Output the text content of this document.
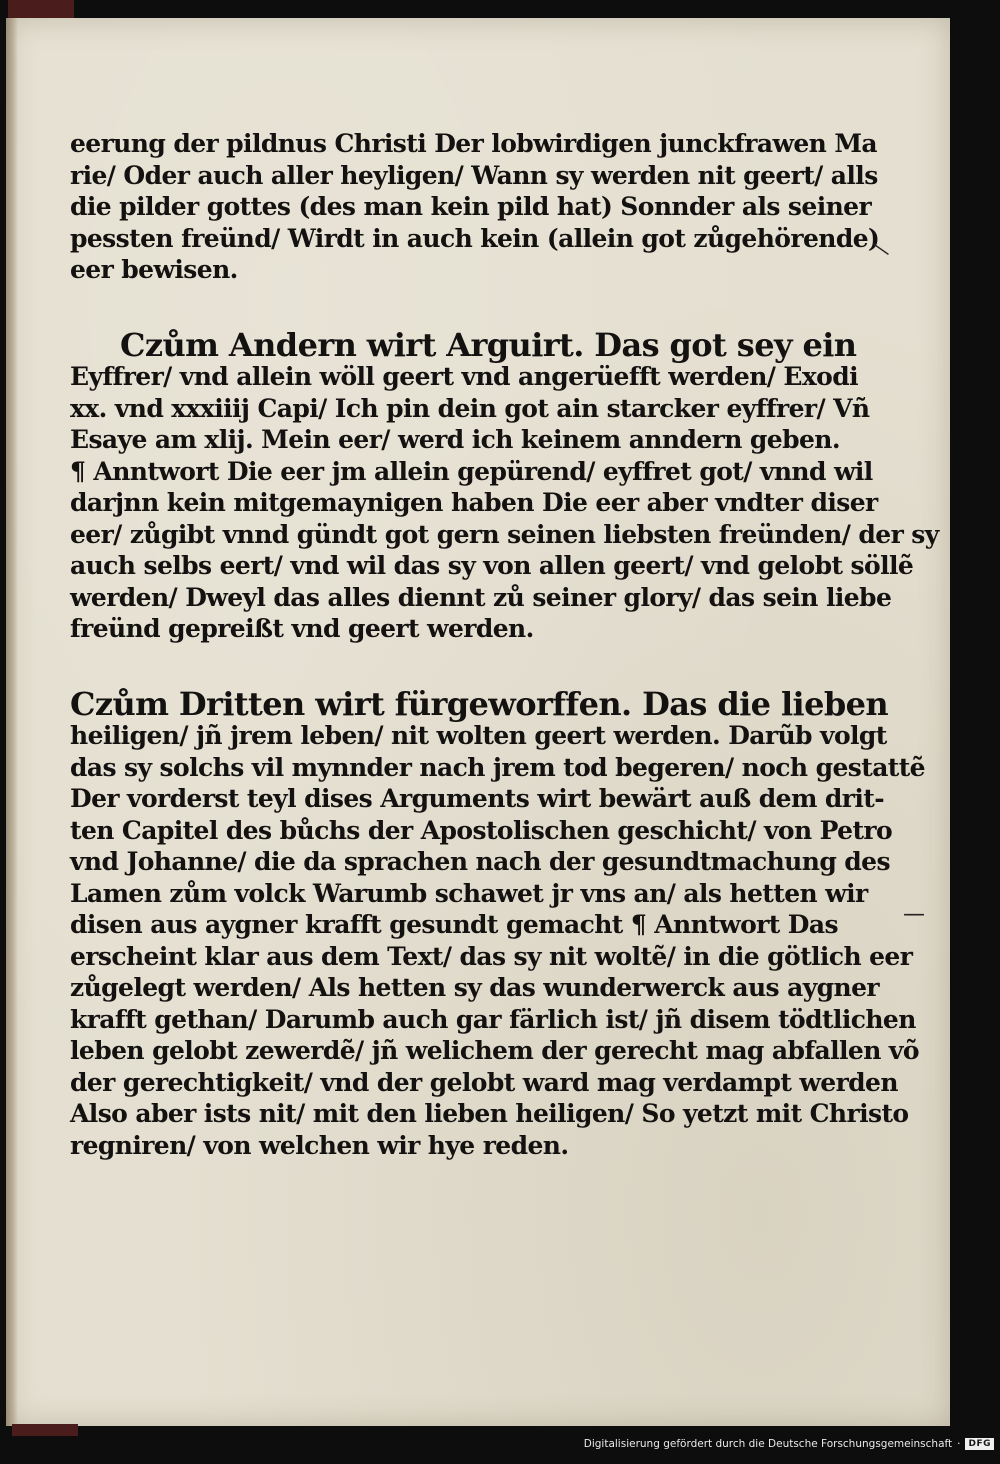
eerung der pildnus Christi Der lobwirdigen junckfrawen Ma
rie/ Oder auch aller heyligen/ Wann sy werden nit geert/ alls
die pilder gottes (des man kein pild hat) Sonnder als seiner
pessten freünd/ Wirdt in auch kein (allein got zůgehörende)
eer bewisen.
Czům Andern wirt Arguirt. Das got sey ein
Eyffrer/ vnd allein wöll geert vnd angerüefft werden/ Exodi
xx. vnd xxxiiij Capi/ Ich pin dein got ain starcker eyffrer/ Vñ
Esaye am xlij. Mein eer/ werd ich keinem anndern geben.
¶ Anntwort Die eer jm allein gepürend/ eyffret got/ vnnd wil
darjnn kein mitgemaynigen haben Die eer aber vndter diser
eer/ zůgibt vnnd gündt got gern seinen liebsten freünden/ der sy
auch selbs eert/ vnd wil das sy von allen geert/ vnd gelobt söllẽ
werden/ Dweyl das alles diennt zů seiner glory/ das sein liebe
freünd gepreißt vnd geert werden.
Czům Dritten wirt fürgeworffen. Das die lieben
heiligen/ jñ jrem leben/ nit wolten geert werden. Darũb volgt
das sy solchs vil mynnder nach jrem tod begeren/ noch gestattẽ
Der vorderst teyl dises Arguments wirt bewärt auß dem drit-
ten Capitel des bůchs der Apostolischen geschicht/ von Petro
vnd Johanne/ die da sprachen nach der gesundtmachung des
Lamen zům volck Warumb schawet jr vns an/ als hetten wir
disen aus aygner krafft gesundt gemacht ¶ Anntwort Das
erscheint klar aus dem Text/ das sy nit woltẽ/ in die götlich eer
zůgelegt werden/ Als hetten sy das wunderwerck aus aygner
krafft gethan/ Darumb auch gar färlich ist/ jñ disem tödtlichen
leben gelobt zewerdẽ/ jñ welichem der gerecht mag abfallen võ
der gerechtigkeit/ vnd der gelobt ward mag verdampt werden
Also aber ists nit/ mit den lieben heiligen/ So yetzt mit Christo
regniren/ von welchen wir hye reden.
—
—
Digitalisierung gefördert durch die Deutsche Forschungsgemeinschaft · DFG
